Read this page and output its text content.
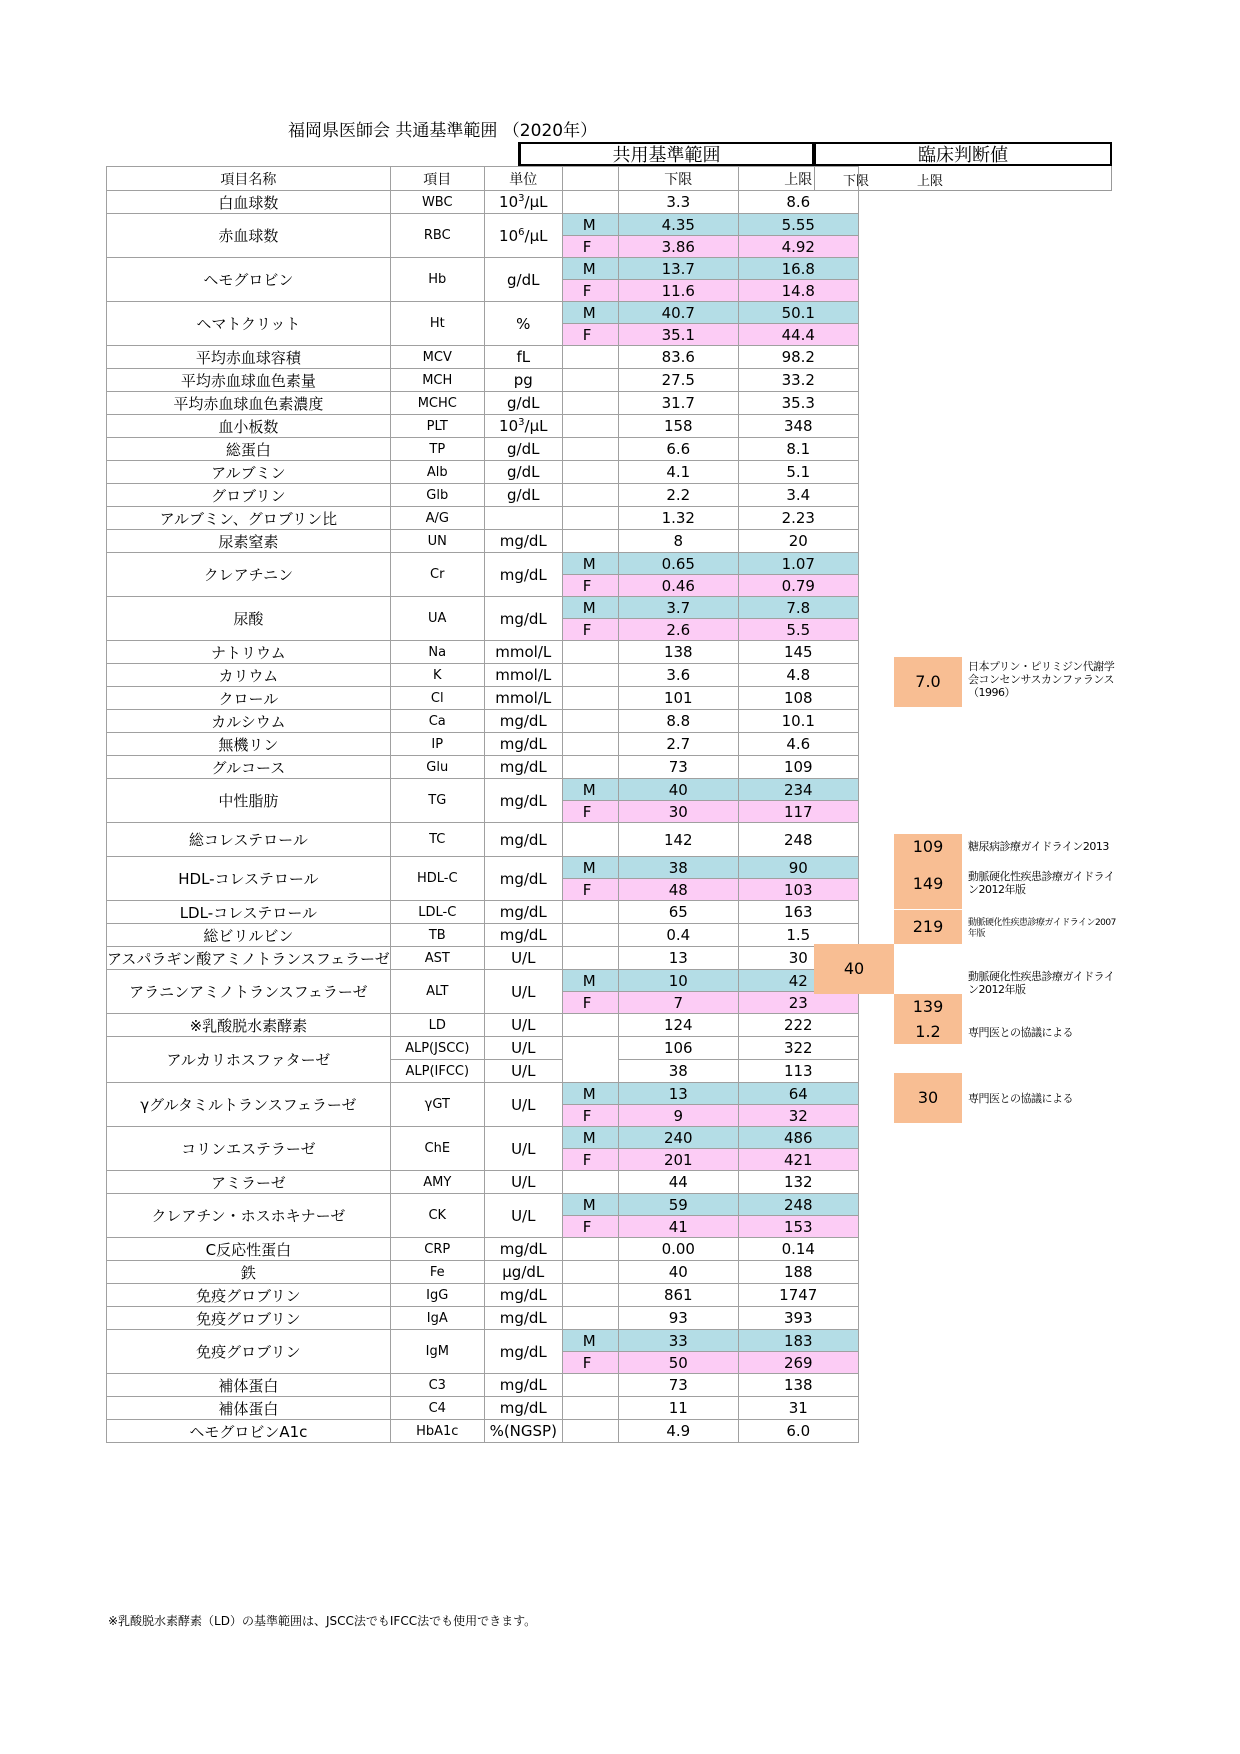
福岡県医師会 共通基準範囲 （2020年）
共用基準範囲	臨床判断値
下限	上限
項目名称	項目	単位		下限	上限
白血球数	WBC	$10^3/\mu L$		3.3	8.6
赤血球数	RBC	$10^6/\mu L$	M	4.35	5.55
			F	3.86	4.92
ヘモグロビン	Hb	g/dL	M	13.7	16.8
			F	11.6	14.8
ヘマトクリット	Ht	%	M	40.7	50.1
			F	35.1	44.4
平均赤血球容積	MCV	fL		83.6	98.2
平均赤血球血色素量	MCH	pg		27.5	33.2
平均赤血球血色素濃度	MCHC	g/dL		31.7	35.3
血小板数	PLT	$10^3/\mu L$		158	348
総蛋白	TP	g/dL		6.6	8.1
アルブミン	Alb	g/dL		4.1	5.1
グロブリン	Glb	g/dL		2.2	3.4
アルブミン、グロブリン比	A/G			1.32	2.23
尿素窒素	UN	mg/dL		8	20
クレアチニン	Cr	mg/dL	M	0.65	1.07
			F	0.46	0.79
尿酸	UA	mg/dL	M	3.7	7.8
			F	2.6	5.5
ナトリウム	Na	mmol/L		138	145
カリウム	K	mmol/L		3.6	4.8
クロール	Cl	mmol/L		101	108
カルシウム	Ca	mg/dL		8.8	10.1
無機リン	IP	mg/dL		2.7	4.6
グルコース	Glu	mg/dL		73	109
中性脂肪	TG	mg/dL	M	40	234
			F	30	117
総コレステロール	TC	mg/dL		142	248
HDL-コレステロール	HDL-C	mg/dL	M	38	90
			F	48	103
LDL-コレステロール	LDL-C	mg/dL		65	163
総ビリルビン	TB	mg/dL		0.4	1.5
アスパラギン酸アミノトランスフェラーゼ	AST	U/L		13	30
アラニンアミノトランスフェラーゼ	ALT	U/L	M	10	42
			F	7	23
※乳酸脱水素酵素	LD	U/L		124	222
アルカリホスファターゼ	ALP(JSCC)	U/L		106	322
	ALP(IFCC)	U/L		38	113
γグルタミルトランスフェラーゼ	γGT	U/L	M	13	64
			F	9	32
コリンエステラーゼ	ChE	U/L	M	240	486
			F	201	421
アミラーゼ	AMY	U/L		44	132
クレアチン・ホスホキナーゼ	CK	U/L	M	59	248
			F	41	153
C反応性蛋白	CRP	mg/dL		0.00	0.14
鉄	Fe	μg/dL		40	188
免疫グロブリン	IgG	mg/dL		861	1747
免疫グロブリン	IgA	mg/dL		93	393
免疫グロブリン	IgM	mg/dL	M	33	183
			F	50	269
補体蛋白	C3	mg/dL		73	138
補体蛋白	C4	mg/dL		11	31
ヘモグロビンA1c	HbA1c	%(NGSP)		4.9	6.0
※乳酸脱水素酵素（LD）の基準範囲は、JSCC法でもIFCC法でも使用できます。
7.0
日本プリン・ピリミジン代謝学会コンセンサスカンファランス（1996）
109	糖尿病診療ガイドライン2013
149	動脈硬化性疾患診療ガイドライン2012年版
219	動脈硬化性疾患診療ガイドライン2007年版
40	動脈硬化性疾患診療ガイドライン2012年版
139
1.2	専門医との協議による
30	専門医との協議による
